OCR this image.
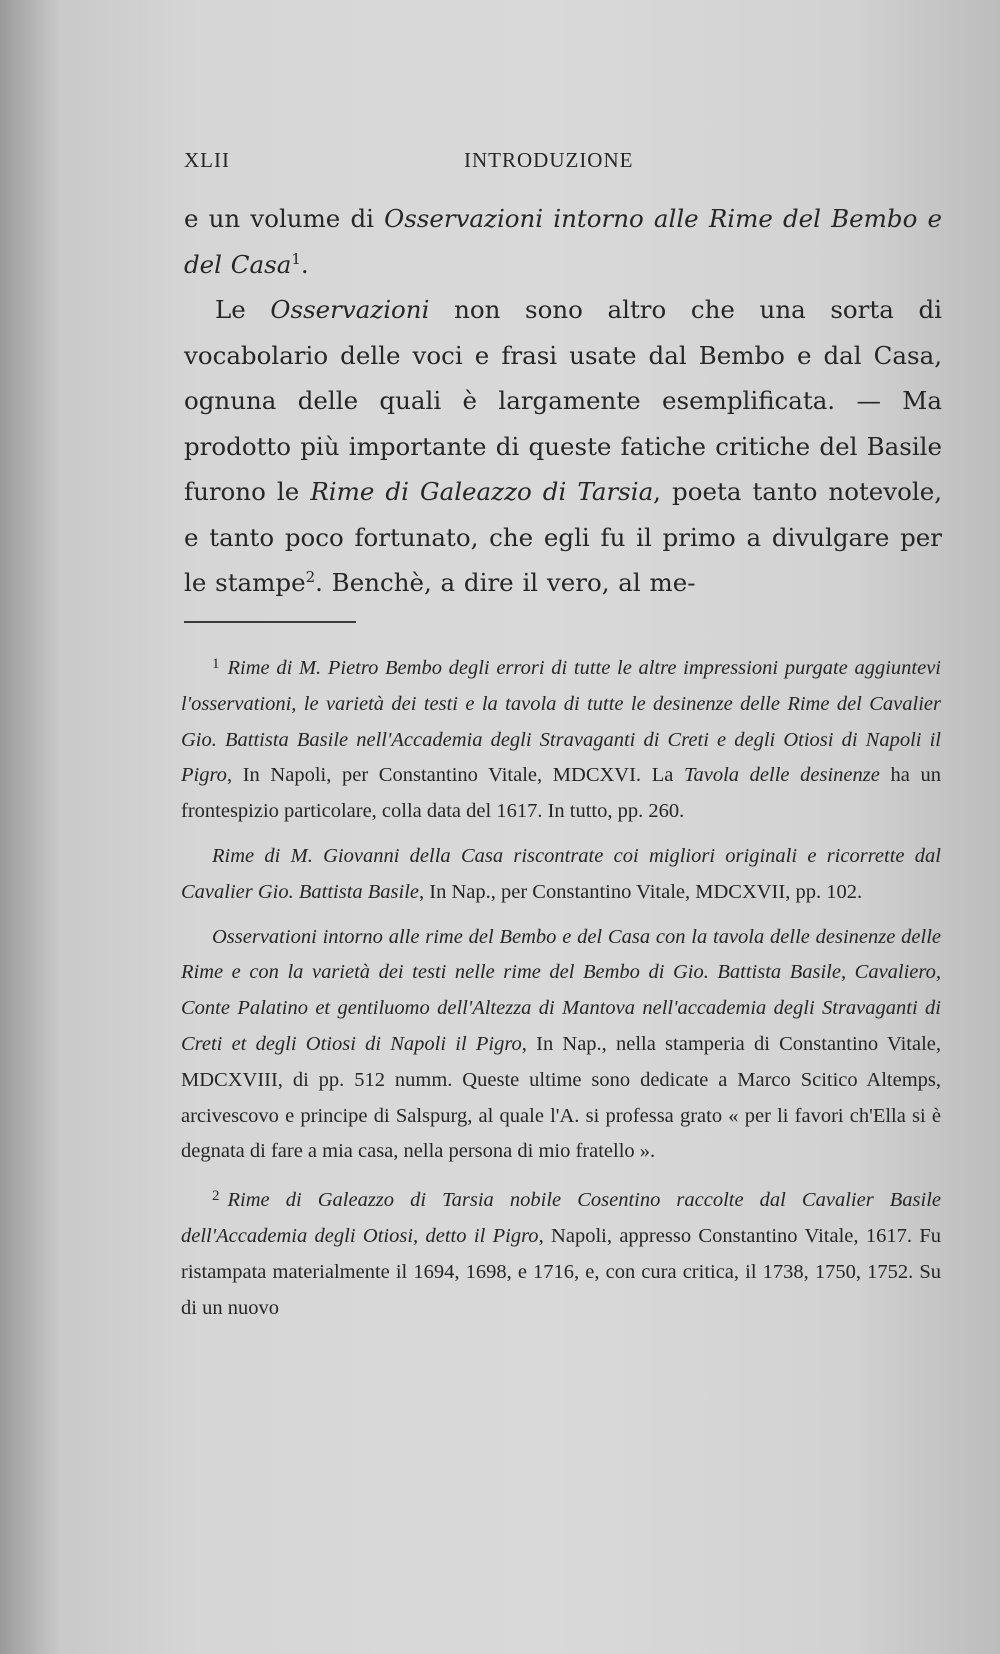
XLII	INTRODUZIONE

e un volume di Osservazioni intorno alle Rime del Bembo e del Casa$^1$.

Le Osservazioni non sono altro che una sorta di vocabolario delle voci e frasi usate dal Bembo e dal Casa, ognuna delle quali è largamente esemplificata. — Ma prodotto più importante di queste fatiche critiche del Basile furono le Rime di Galeazzo di Tarsia, poeta tanto notevole, e tanto poco fortunato, che egli fu il primo a divulgare per le stampe$^2$. Benchè, a dire il vero, al me-

$^1$ Rime di M. Pietro Bembo degli errori di tutte le altre impressioni purgate aggiuntevi l'osservationi, le varietà dei testi e la tavola di tutte le desinenze delle Rime del Cavalier Gio. Battista Basile nell'Accademia degli Stravaganti di Creti e degli Otiosi di Napoli il Pigro, In Napoli, per Constantino Vitale, MDCXVI. La Tavola delle desinenze ha un frontespizio particolare, colla data del 1617. In tutto, pp. 260.

Rime di M. Giovanni della Casa riscontrate coi migliori originali e ricorrette dal Cavalier Gio. Battista Basile, In Nap., per Constantino Vitale, MDCXVII, pp. 102.

Osservationi intorno alle rime del Bembo e del Casa con la tavola delle desinenze delle Rime e con la varietà dei testi nelle rime del Bembo di Gio. Battista Basile, Cavaliero, Conte Palatino et gentiluomo dell'Altezza di Mantova nell'accademia degli Stravaganti di Creti et degli Otiosi di Napoli il Pigro, In Nap., nella stamperia di Constantino Vitale, MDCXVIII, di pp. 512 numm. Queste ultime sono dedicate a Marco Scitico Altemps, arcivescovo e principe di Salspurg, al quale l'A. si professa grato « per li favori ch'Ella si è degnata di fare a mia casa, nella persona di mio fratello ».

$^2$ Rime di Galeazzo di Tarsia nobile Cosentino raccolte dal Cavalier Basile dell'Accademia degli Otiosi, detto il Pigro, Napoli, appresso Constantino Vitale, 1617. Fu ristampata materialmente il 1694, 1698, e 1716, e, con cura critica, il 1738, 1750, 1752. Su di un nuovo
